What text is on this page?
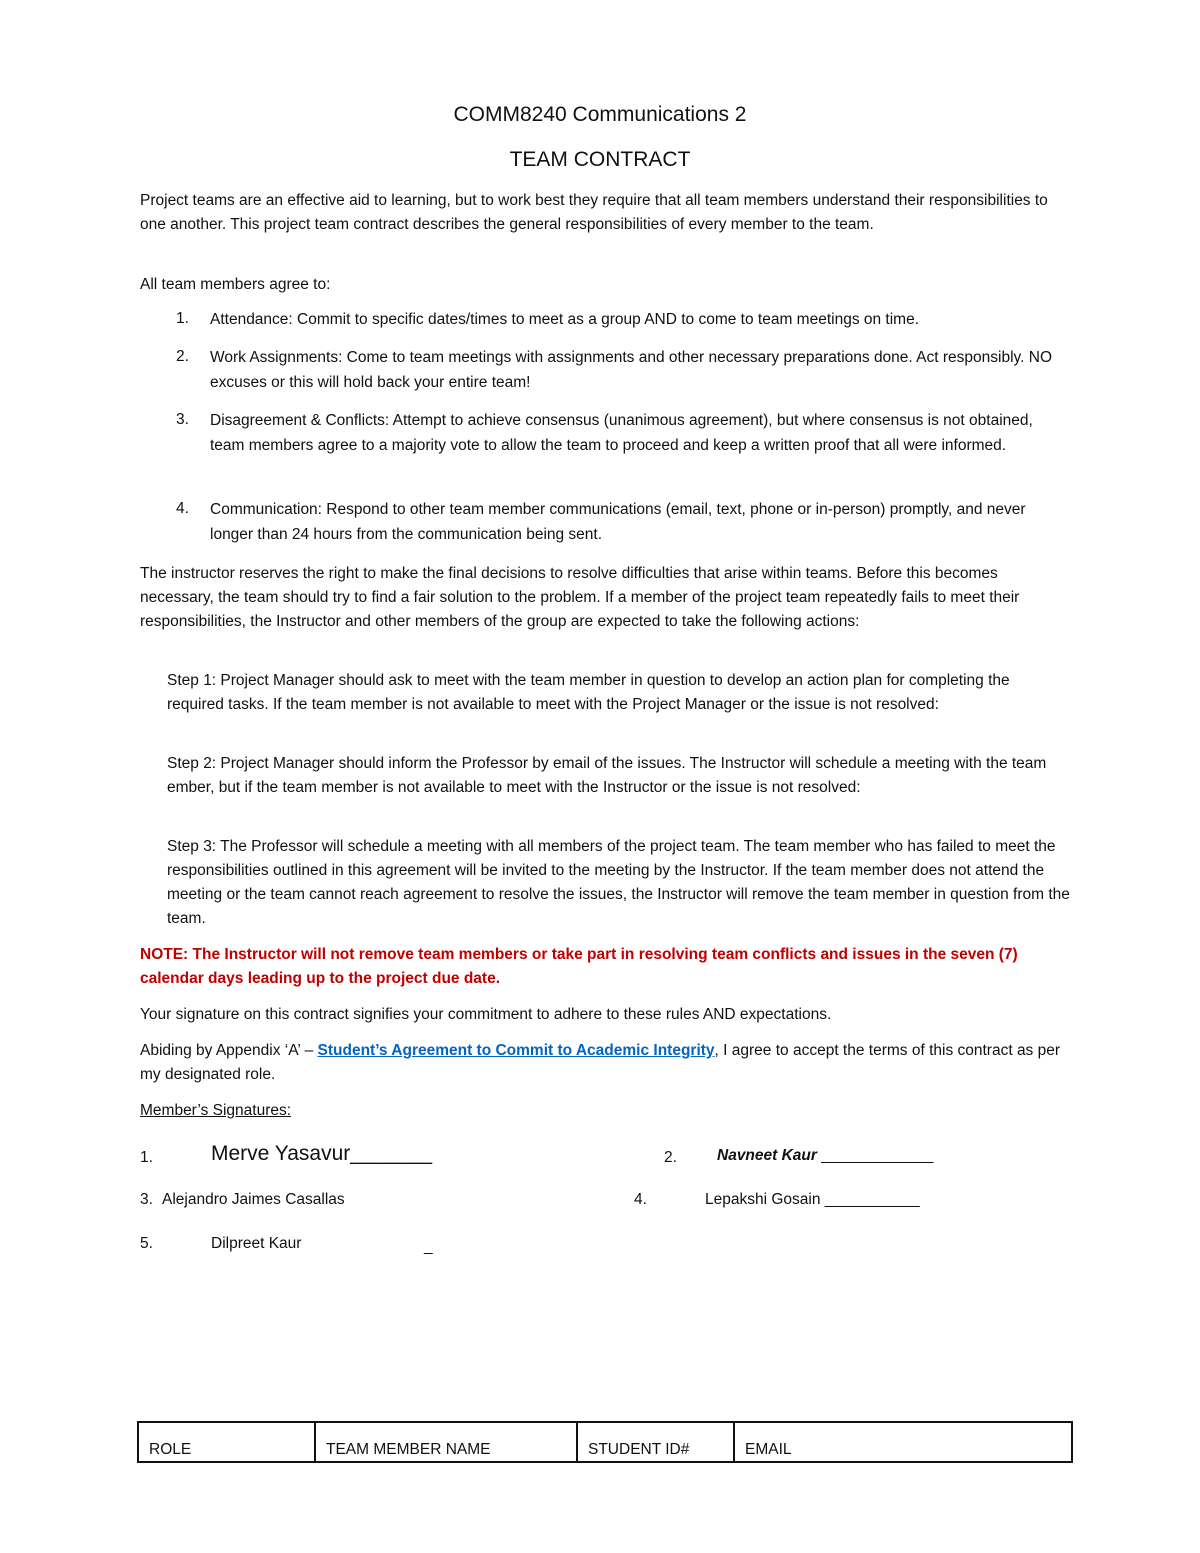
COMM8240 Communications 2
TEAM CONTRACT
Project teams are an effective aid to learning, but to work best they require that all team members understand their responsibilities to one another. This project team contract describes the general responsibilities of every member to the team.
All team members agree to:
1. Attendance: Commit to specific dates/times to meet as a group AND to come to team meetings on time.
2. Work Assignments: Come to team meetings with assignments and other necessary preparations done. Act responsibly. NO excuses or this will hold back your entire team!
3. Disagreement & Conflicts: Attempt to achieve consensus (unanimous agreement), but where consensus is not obtained, team members agree to a majority vote to allow the team to proceed and keep a written proof that all were informed.
4. Communication: Respond to other team member communications (email, text, phone or in-person) promptly, and never longer than 24 hours from the communication being sent.
The instructor reserves the right to make the final decisions to resolve difficulties that arise within teams. Before this becomes necessary, the team should try to find a fair solution to the problem. If a member of the project team repeatedly fails to meet their responsibilities, the Instructor and other members of the group are expected to take the following actions:
Step 1: Project Manager should ask to meet with the team member in question to develop an action plan for completing the required tasks. If the team member is not available to meet with the Project Manager or the issue is not resolved:
Step 2: Project Manager should inform the Professor by email of the issues. The Instructor will schedule a meeting with the team ember, but if the team member is not available to meet with the Instructor or the issue is not resolved:
Step 3: The Professor will schedule a meeting with all members of the project team. The team member who has failed to meet the responsibilities outlined in this agreement will be invited to the meeting by the Instructor. If the team member does not attend the meeting or the team cannot reach agreement to resolve the issues, the Instructor will remove the team member in question from the team.
NOTE: The Instructor will not remove team members or take part in resolving team conflicts and issues in the seven (7) calendar days leading up to the project due date.
Your signature on this contract signifies your commitment to adhere to these rules AND expectations.
Abiding by Appendix ‘A’ – Student’s Agreement to Commit to Academic Integrity, I agree to accept the terms of this contract as per my designated role.
Member’s Signatures:
1.	Merve Yasavur_______	2.	Navneet Kaur _____________
3. Alejandro Jaimes Casallas	4.	Lepakshi Gosain ___________
5.	Dilpreet Kaur	_
ROLE	TEAM MEMBER NAME	STUDENT ID#	EMAIL
